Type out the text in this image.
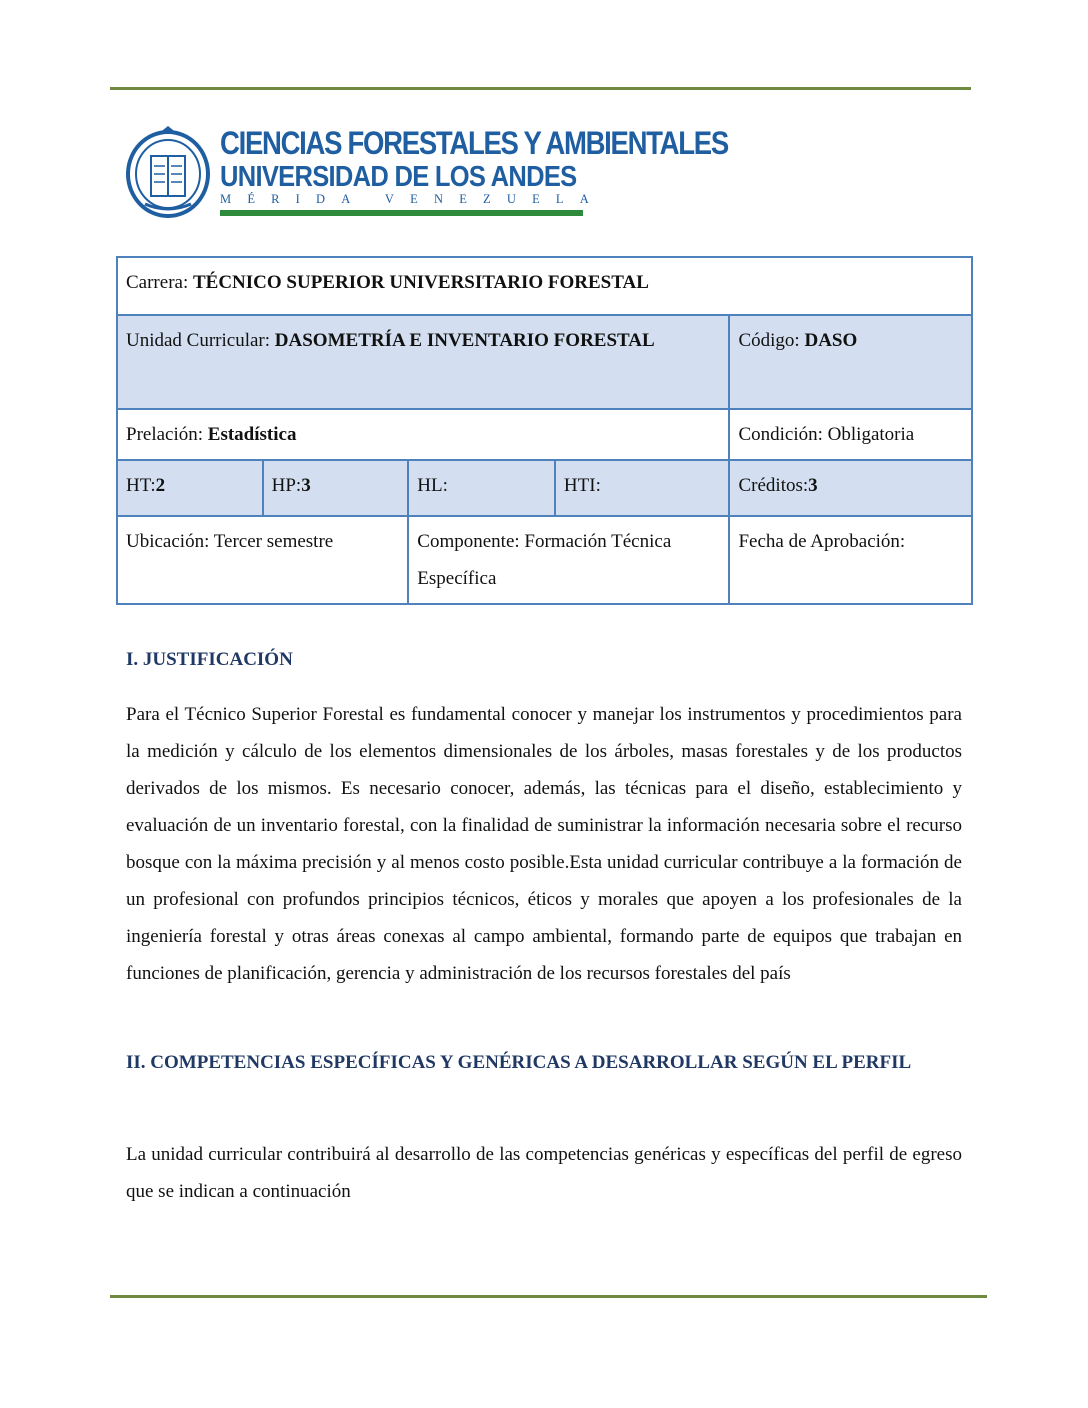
CIENCIAS FORESTALES Y AMBIENTALES
UNIVERSIDAD DE LOS ANDES
MÉRIDA VENEZUELA
Carrera: TÉCNICO SUPERIOR UNIVERSITARIO FORESTAL				
Unidad Curricular: DASOMETRÍA E INVENTARIO FORESTAL				Código: DASO
Prelación: Estadística				Condición: Obligatoria
HT:2	HP:3	HL:	HTI:	Créditos:3
Ubicación: Tercer semestre		Componente: Formación Técnica Específica		Fecha de Aprobación:
I. JUSTIFICACIÓN

Para el Técnico Superior Forestal es fundamental conocer y manejar los instrumentos y procedimientos para la medición y cálculo de los elementos dimensionales de los árboles, masas forestales y de los productos derivados de los mismos. Es necesario conocer, además, las técnicas para el diseño, establecimiento y evaluación de un inventario forestal, con la finalidad de suministrar la información necesaria sobre el recurso bosque con la máxima precisión y al menos costo posible.Esta unidad curricular contribuye a la formación de un profesional con profundos principios técnicos, éticos y morales que apoyen a los profesionales de la ingeniería forestal y otras áreas conexas al campo ambiental, formando parte de equipos que trabajan en funciones de planificación, gerencia y administración de los recursos forestales del país

II. COMPETENCIAS ESPECÍFICAS Y GENÉRICAS A DESARROLLAR SEGÚN EL PERFIL

La unidad curricular contribuirá al desarrollo de las competencias genéricas y específicas del perfil de egreso que se indican a continuación
